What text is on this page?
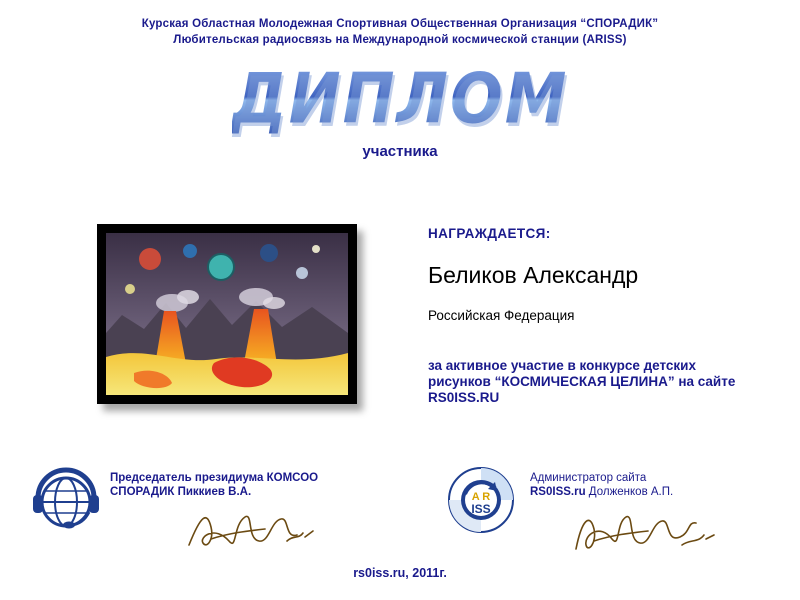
Курская Областная Молодежная Спортивная Общественная Организация “СПОРАДИК”
Любительская радиосвязь на Международной космической станции (ARISS)
ДИПЛОМ
участника
НАГРАЖДАЕТСЯ:
Беликов Александр
Российская Федерация
за активное участие в конкурсе детских рисунков “КОСМИЧЕСКАЯ ЦЕЛИНА” на сайте RS0ISS.RU
Председатель президиума КОМСОО
СПОРАДИК Пиккиев В.А.	A R
ISS
Администратор сайта
RS0ISS.ru Долженков А.П.
rs0iss.ru, 2011г.
